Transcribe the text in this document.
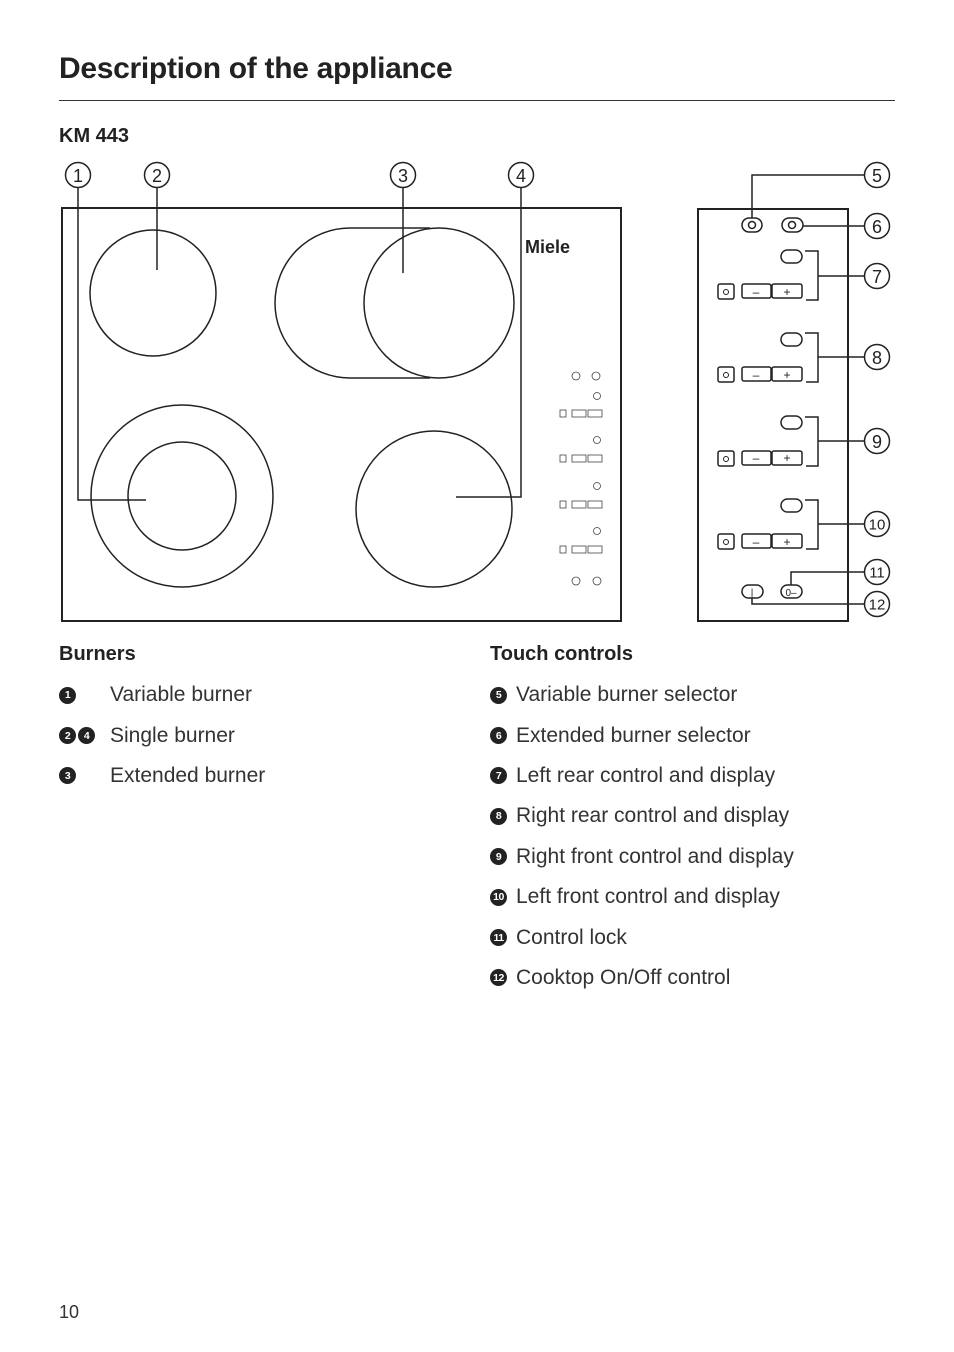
Description of the appliance
KM 443
Miele
– +
– +
– +
– +
|	0–
1	2	3	4	5
6
7
8
9
10
11
12
Burners
1 Variable burner
2	4 Single burner
3 Extended burner
Touch controls
5 Variable burner selector
6 Extended burner selector
7 Left rear control and display
8 Right rear control and display
9 Right front control and display
10 Left front control and display
11 Control lock
12 Cooktop On/Off control
10
